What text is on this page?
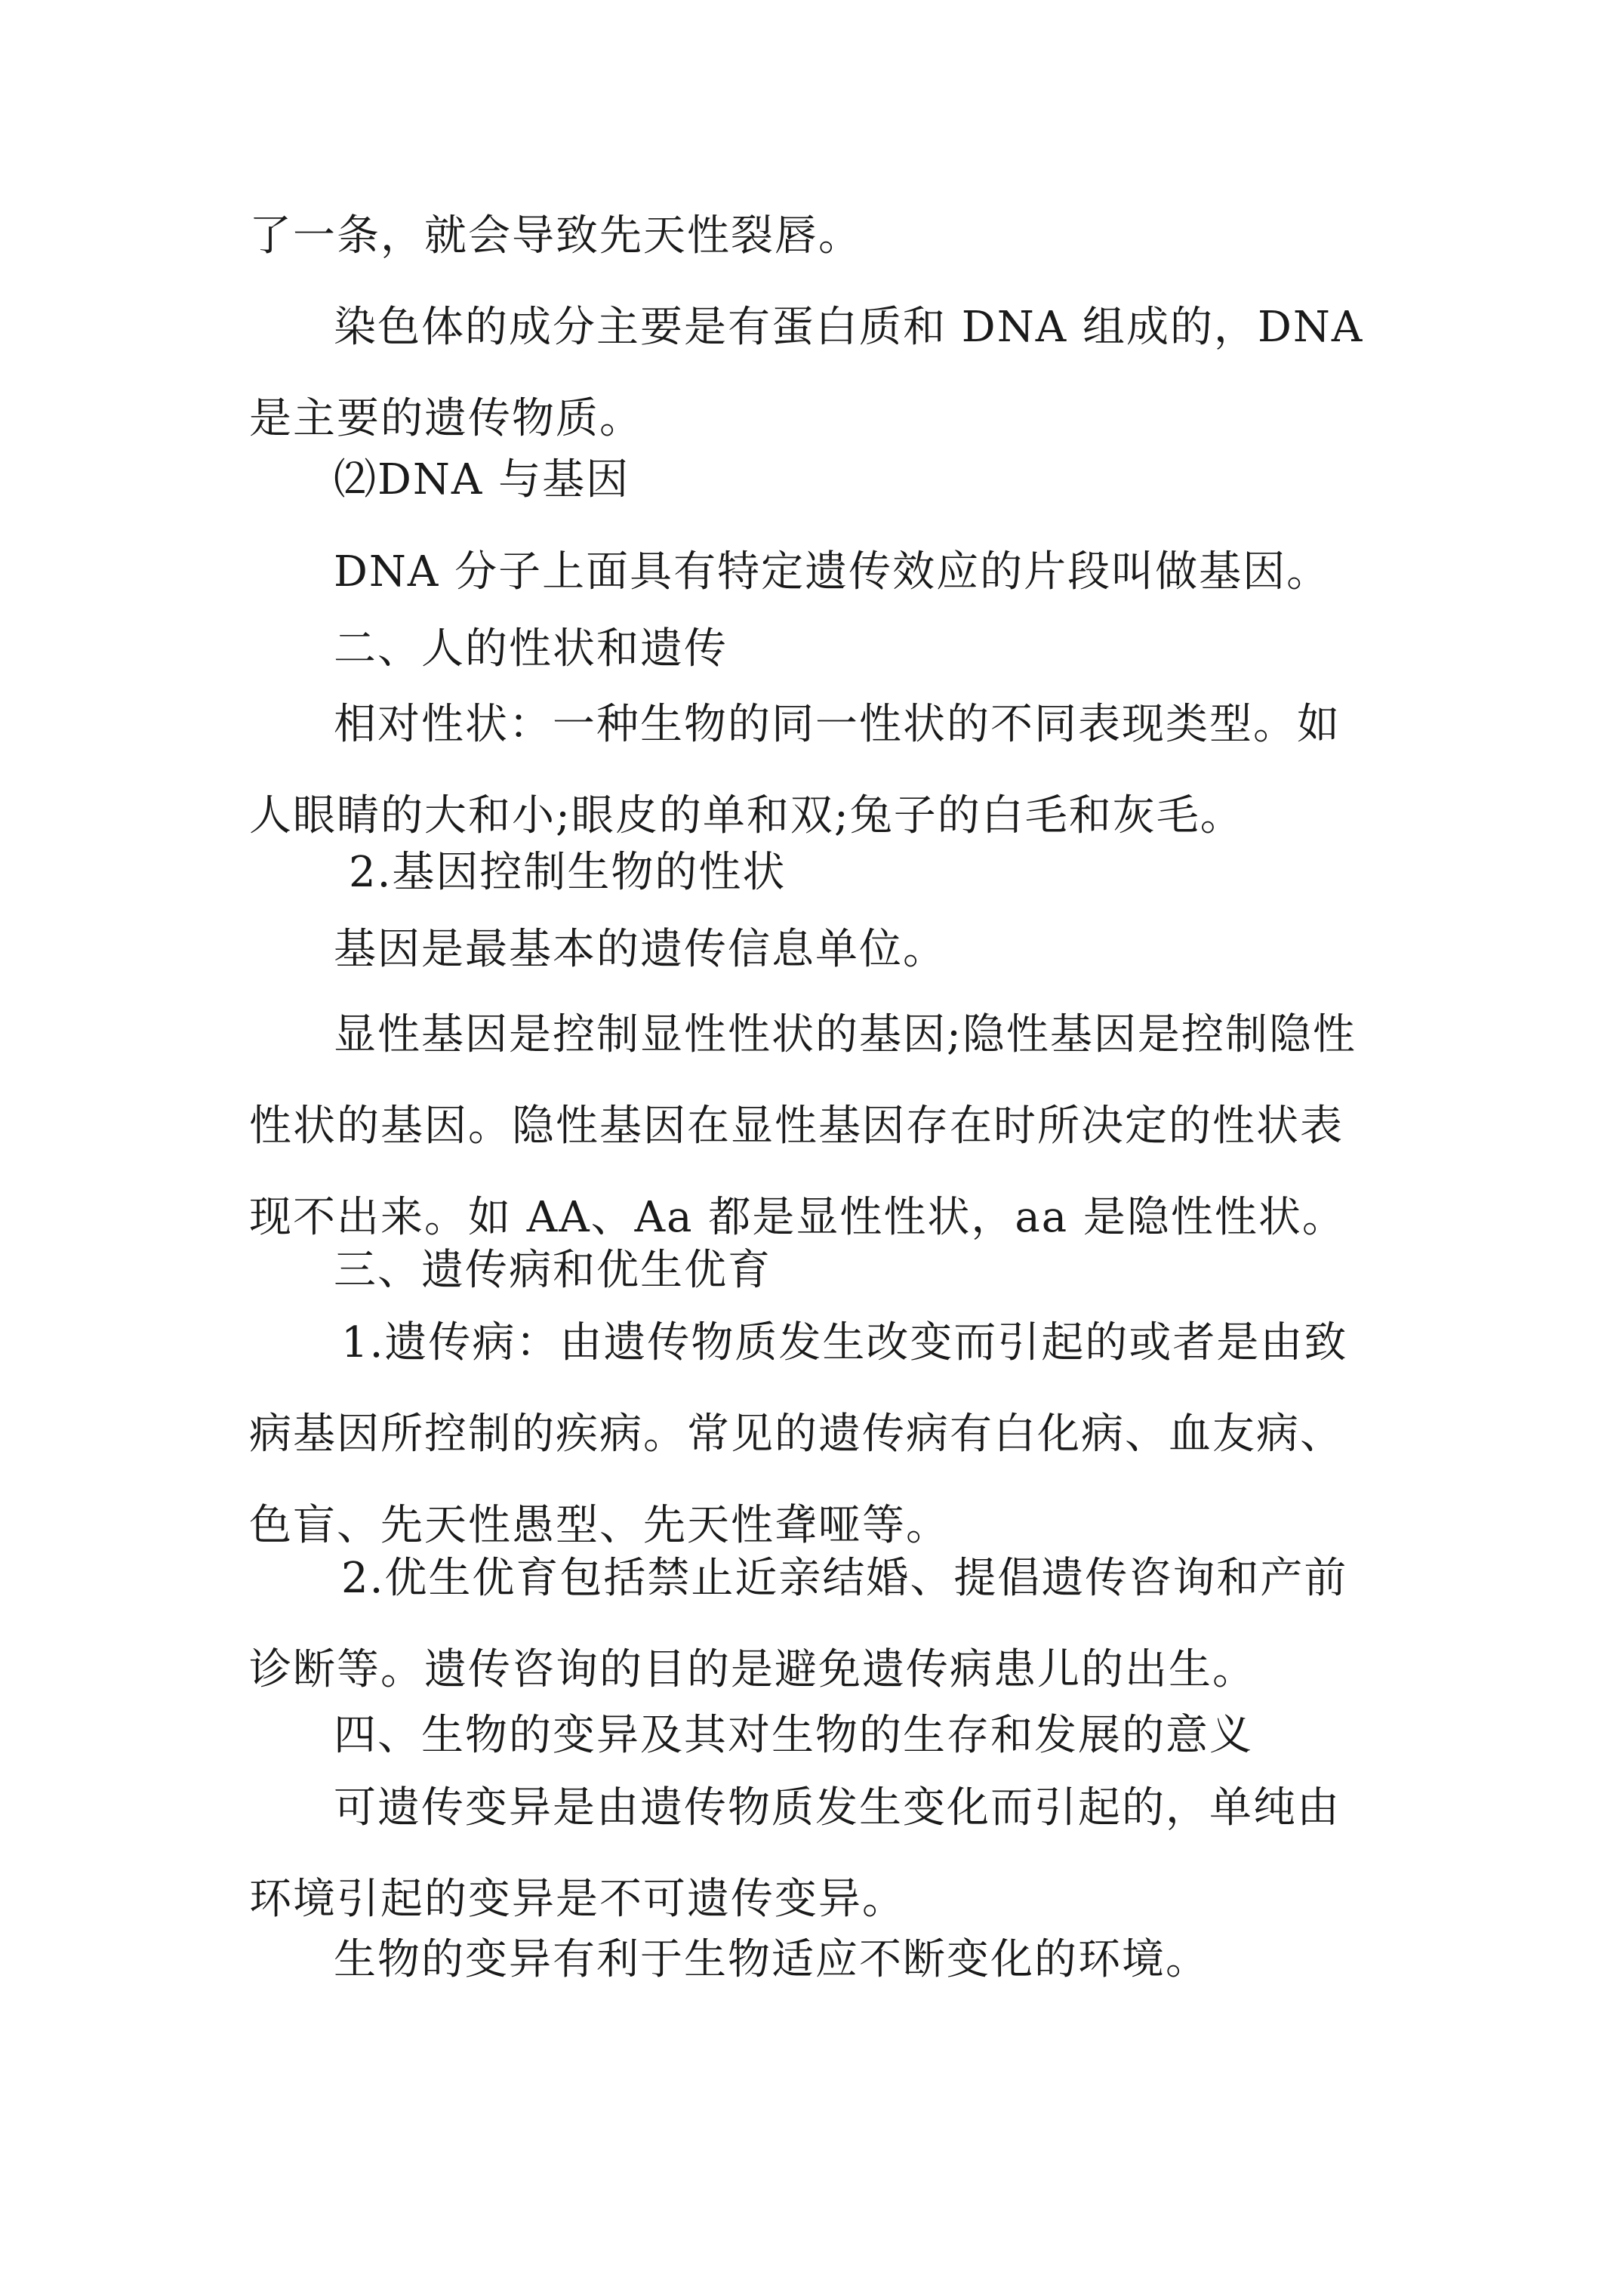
了一条，就会导致先天性裂唇。

染色体的成分主要是有蛋白质和 DNA 组成的，DNA 是主要的遗传物质。

⑵DNA 与基因

DNA 分子上面具有特定遗传效应的片段叫做基因。

二、人的性状和遗传

相对性状：一种生物的同一性状的不同表现类型。如人眼睛的大和小;眼皮的单和双;兔子的白毛和灰毛。

2.基因控制生物的性状

基因是最基本的遗传信息单位。

显性基因是控制显性性状的基因;隐性基因是控制隐性性状的基因。隐性基因在显性基因存在时所决定的性状表现不出来。如 AA、Aa 都是显性性状，aa 是隐性性状。

三、遗传病和优生优育

1.遗传病：由遗传物质发生改变而引起的或者是由致病基因所控制的疾病。常见的遗传病有白化病、血友病、色盲、先天性愚型、先天性聋哑等。

2.优生优育包括禁止近亲结婚、提倡遗传咨询和产前诊断等。遗传咨询的目的是避免遗传病患儿的出生。

四、生物的变异及其对生物的生存和发展的意义

可遗传变异是由遗传物质发生变化而引起的，单纯由环境引起的变异是不可遗传变异。

生物的变异有利于生物适应不断变化的环境。
